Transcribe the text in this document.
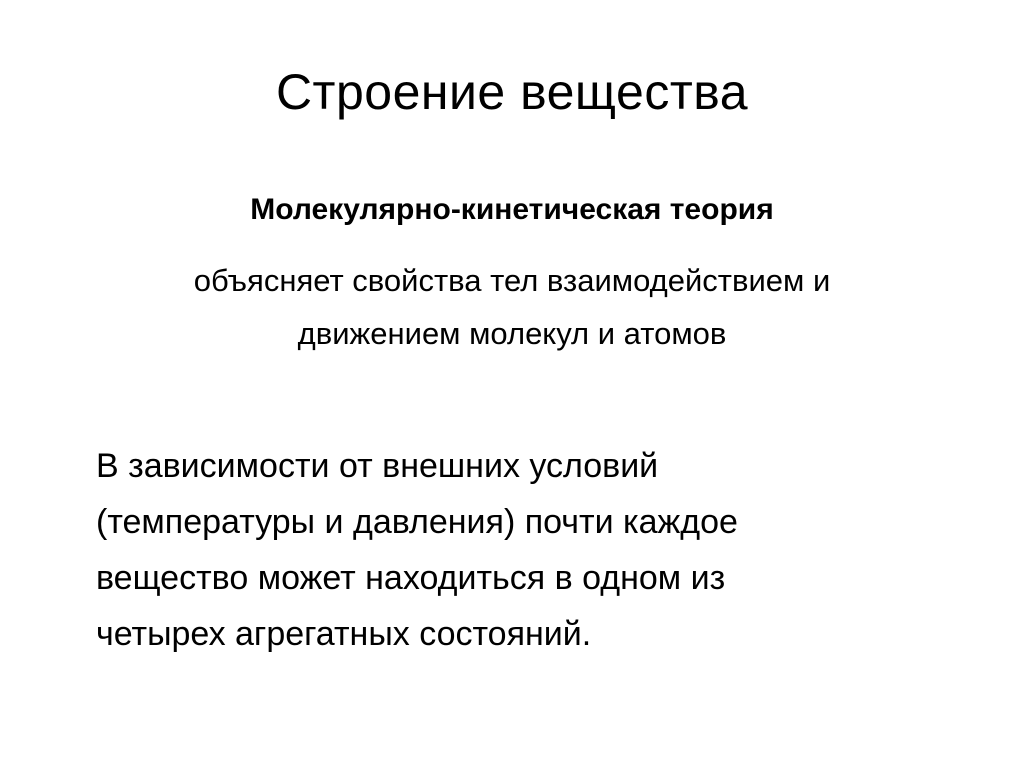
Строение вещества

Молекулярно-кинетическая теория

объясняет свойства тел взаимодействием и
движением молекул и атомов

В зависимости от внешних условий
(температуры и давления) почти каждое
вещество может находиться в одном из
четырех агрегатных состояний.
